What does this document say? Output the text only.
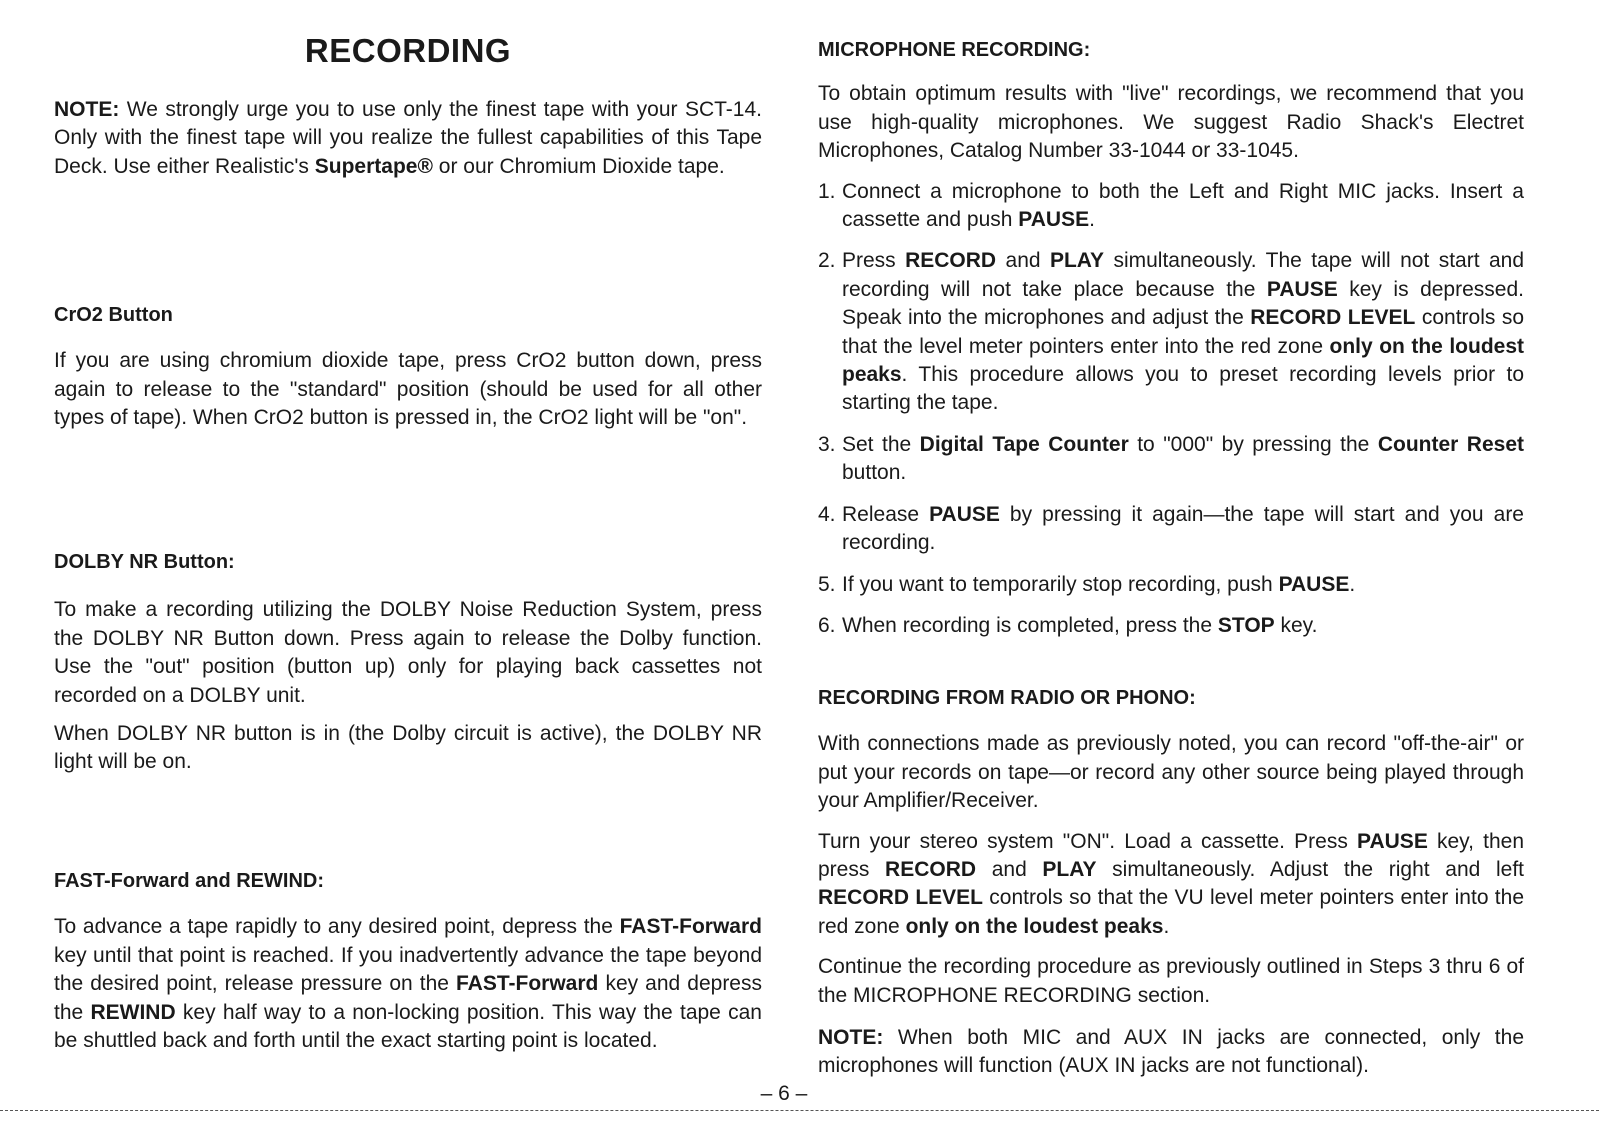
RECORDING

NOTE: We strongly urge you to use only the finest tape with your SCT-14. Only with the finest tape will you realize the fullest capabilities of this Tape Deck. Use either Realistic's Supertape® or our Chromium Dioxide tape.

CrO2 Button

If you are using chromium dioxide tape, press CrO2 button down, press again to release to the "standard" position (should be used for all other types of tape). When CrO2 button is pressed in, the CrO2 light will be "on".

DOLBY NR Button:

To make a recording utilizing the DOLBY Noise Reduction System, press the DOLBY NR Button down. Press again to release the Dolby function. Use the "out" position (button up) only for playing back cassettes not recorded on a DOLBY unit.

When DOLBY NR button is in (the Dolby circuit is active), the DOLBY NR light will be on.

FAST-Forward and REWIND:

To advance a tape rapidly to any desired point, depress the FAST-Forward key until that point is reached. If you inadvertently advance the tape beyond the desired point, release pressure on the FAST-Forward key and depress the REWIND key half way to a non-locking position. This way the tape can be shuttled back and forth until the exact starting point is located.

MICROPHONE RECORDING:

To obtain optimum results with "live" recordings, we recommend that you use high-quality microphones. We suggest Radio Shack's Electret Microphones, Catalog Number 33-1044 or 33-1045.

1. Connect a microphone to both the Left and Right MIC jacks. Insert a cassette and push PAUSE.
2. Press RECORD and PLAY simultaneously. The tape will not start and recording will not take place because the PAUSE key is depressed. Speak into the microphones and adjust the RECORD LEVEL controls so that the level meter pointers enter into the red zone only on the loudest peaks. This procedure allows you to preset recording levels prior to starting the tape.
3. Set the Digital Tape Counter to "000" by pressing the Counter Reset button.
4. Release PAUSE by pressing it again—the tape will start and you are recording.
5. If you want to temporarily stop recording, push PAUSE.
6. When recording is completed, press the STOP key.

RECORDING FROM RADIO OR PHONO:

With connections made as previously noted, you can record "off-the-air" or put your records on tape—or record any other source being played through your Amplifier/Receiver.

Turn your stereo system "ON". Load a cassette. Press PAUSE key, then press RECORD and PLAY simultaneously. Adjust the right and left RECORD LEVEL controls so that the VU level meter pointers enter into the red zone only on the loudest peaks.

Continue the recording procedure as previously outlined in Steps 3 thru 6 of the MICROPHONE RECORDING section.

NOTE: When both MIC and AUX IN jacks are connected, only the microphones will function (AUX IN jacks are not functional).

– 6 –
